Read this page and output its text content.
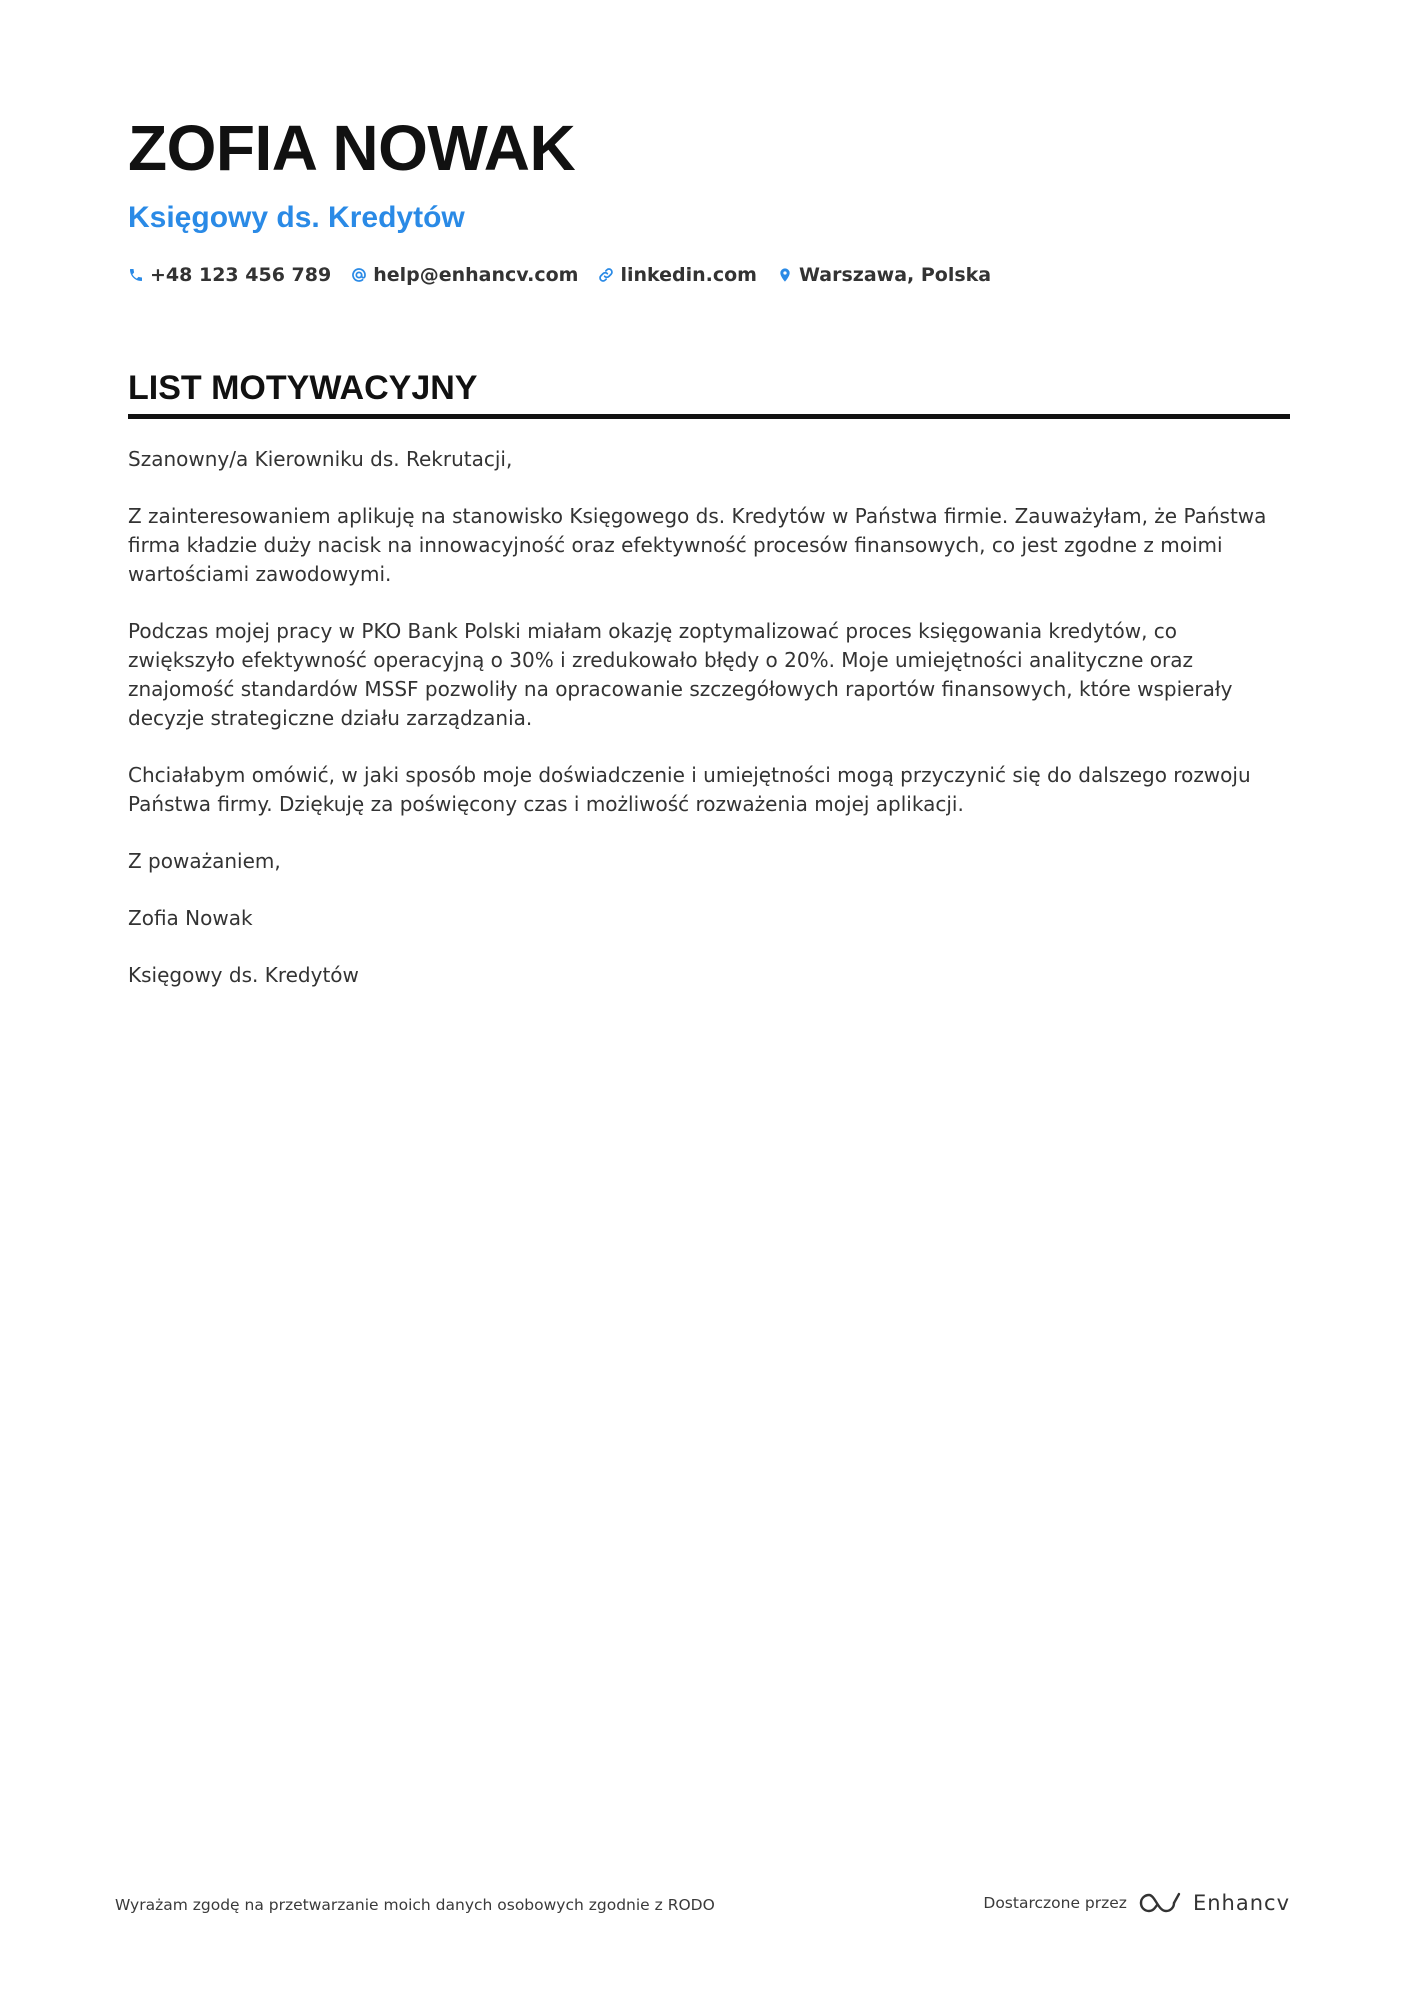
ZOFIA NOWAK
Księgowy ds. Kredytów
+48 123 456 789 help@enhancv.com linkedin.com Warszawa, Polska
LIST MOTYWACYJNY

Szanowny/a Kierowniku ds. Rekrutacji,

Z zainteresowaniem aplikuję na stanowisko Księgowego ds. Kredytów w Państwa firmie. Zauważyłam, że Państwa firma kładzie duży nacisk na innowacyjność oraz efektywność procesów finansowych, co jest zgodne z moimi wartościami zawodowymi.

Podczas mojej pracy w PKO Bank Polski miałam okazję zoptymalizować proces księgowania kredytów, co zwiększyło efektywność operacyjną o 30% i zredukowało błędy o 20%. Moje umiejętności analityczne oraz znajomość standardów MSSF pozwoliły na opracowanie szczegółowych raportów finansowych, które wspierały decyzje strategiczne działu zarządzania.

Chciałabym omówić, w jaki sposób moje doświadczenie i umiejętności mogą przyczynić się do dalszego rozwoju Państwa firmy. Dziękuję za poświęcony czas i możliwość rozważenia mojej aplikacji.

Z poważaniem,

Zofia Nowak

Księgowy ds. Kredytów

Wyrażam zgodę na przetwarzanie moich danych osobowych zgodnie z RODO	Dostarczone przez	Enhancv
